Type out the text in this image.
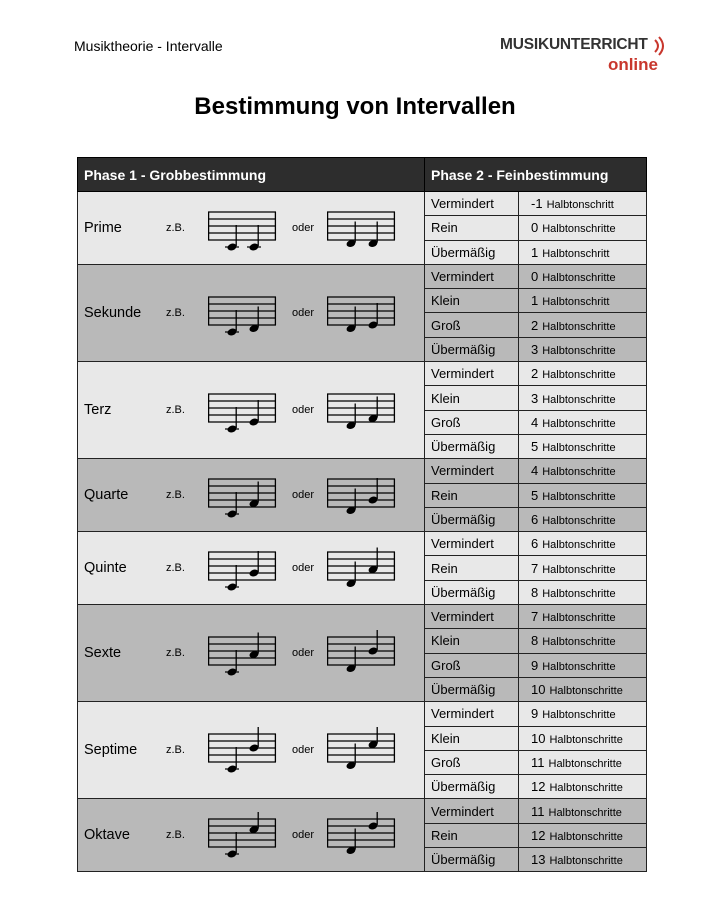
Musiktheorie - Intervalle	MUSIKUNTERRICHT
online
Bestimmung von Intervallen
Phase 1 - Grobbestimmung	Phase 2 - Feinbestimmung	

Prime z.B. oder	Vermindert	-1 Halbtonschritt
	Rein	0 Halbtonschritte
	Übermäßig	1 Halbtonschritt

Sekunde z.B. oder	Vermindert	0 Halbtonschritte
	Klein	1 Halbtonschritt
	Groß	2 Halbtonschritte
	Übermäßig	3 Halbtonschritte

Terz z.B. oder	Vermindert	2 Halbtonschritte
	Klein	3 Halbtonschritte
	Groß	4 Halbtonschritte
	Übermäßig	5 Halbtonschritte

Quarte z.B. oder	Vermindert	4 Halbtonschritte
	Rein	5 Halbtonschritte
	Übermäßig	6 Halbtonschritte

Quinte z.B. oder	Vermindert	6 Halbtonschritte
	Rein	7 Halbtonschritte
	Übermäßig	8 Halbtonschritte

Sexte z.B. oder	Vermindert	7 Halbtonschritte
	Klein	8 Halbtonschritte
	Groß	9 Halbtonschritte
	Übermäßig	10 Halbtonschritte

Septime z.B. oder	Vermindert	9 Halbtonschritte
	Klein	10 Halbtonschritte
	Groß	11 Halbtonschritte
	Übermäßig	12 Halbtonschritte

Oktave z.B. oder	Vermindert	11 Halbtonschritte
	Rein	12 Halbtonschritte
	Übermäßig	13 Halbtonschritte
